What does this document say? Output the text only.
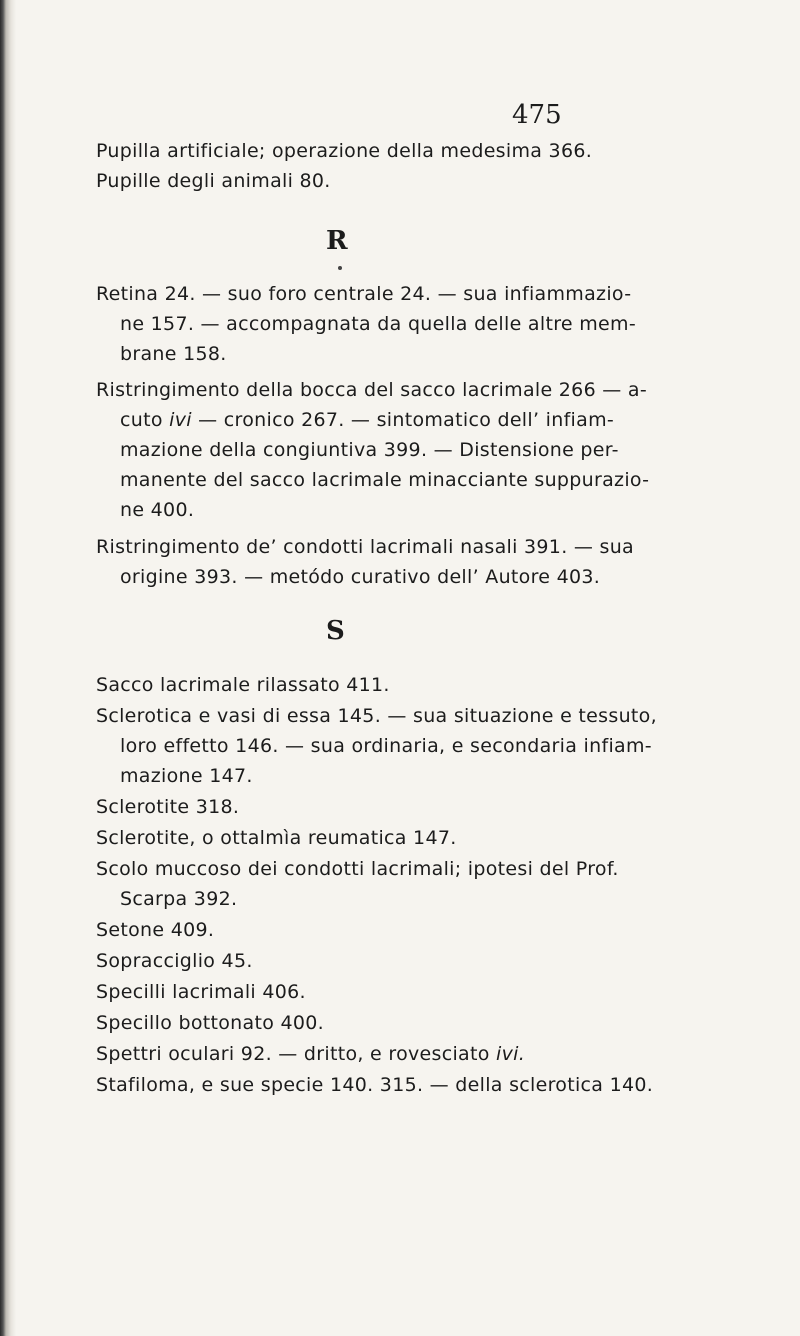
475
Pupilla artificiale; operazione della medesima 366.
Pupille degli animali 80.
R
Retina 24. — suo foro centrale 24. — sua infiammazio-
ne 157. — accompagnata da quella delle altre mem-
brane 158.
Ristringimento della bocca del sacco lacrimale 266 — a-
cuto ivi — cronico 267. — sintomatico dell’ infiam-
mazione della congiuntiva 399. — Distensione per-
manente del sacco lacrimale minacciante suppurazio-
ne 400.
Ristringimento de’ condotti lacrimali nasali 391. — sua
origine 393. — metódo curativo dell’ Autore 403.
S
Sacco lacrimale rilassato 411.
Sclerotica e vasi di essa 145. — sua situazione e tessuto,
loro effetto 146. — sua ordinaria, e secondaria infiam-
mazione 147.
Sclerotite 318.
Sclerotite, o ottalmìa reumatica 147.
Scolo muccoso dei condotti lacrimali; ipotesi del Prof.
Scarpa 392.
Setone 409.
Sopracciglio 45.
Specilli lacrimali 406.
Specillo bottonato 400.
Spettri oculari 92. — dritto, e rovesciato ivi.
Stafiloma, e sue specie 140. 315. — della sclerotica 140.
